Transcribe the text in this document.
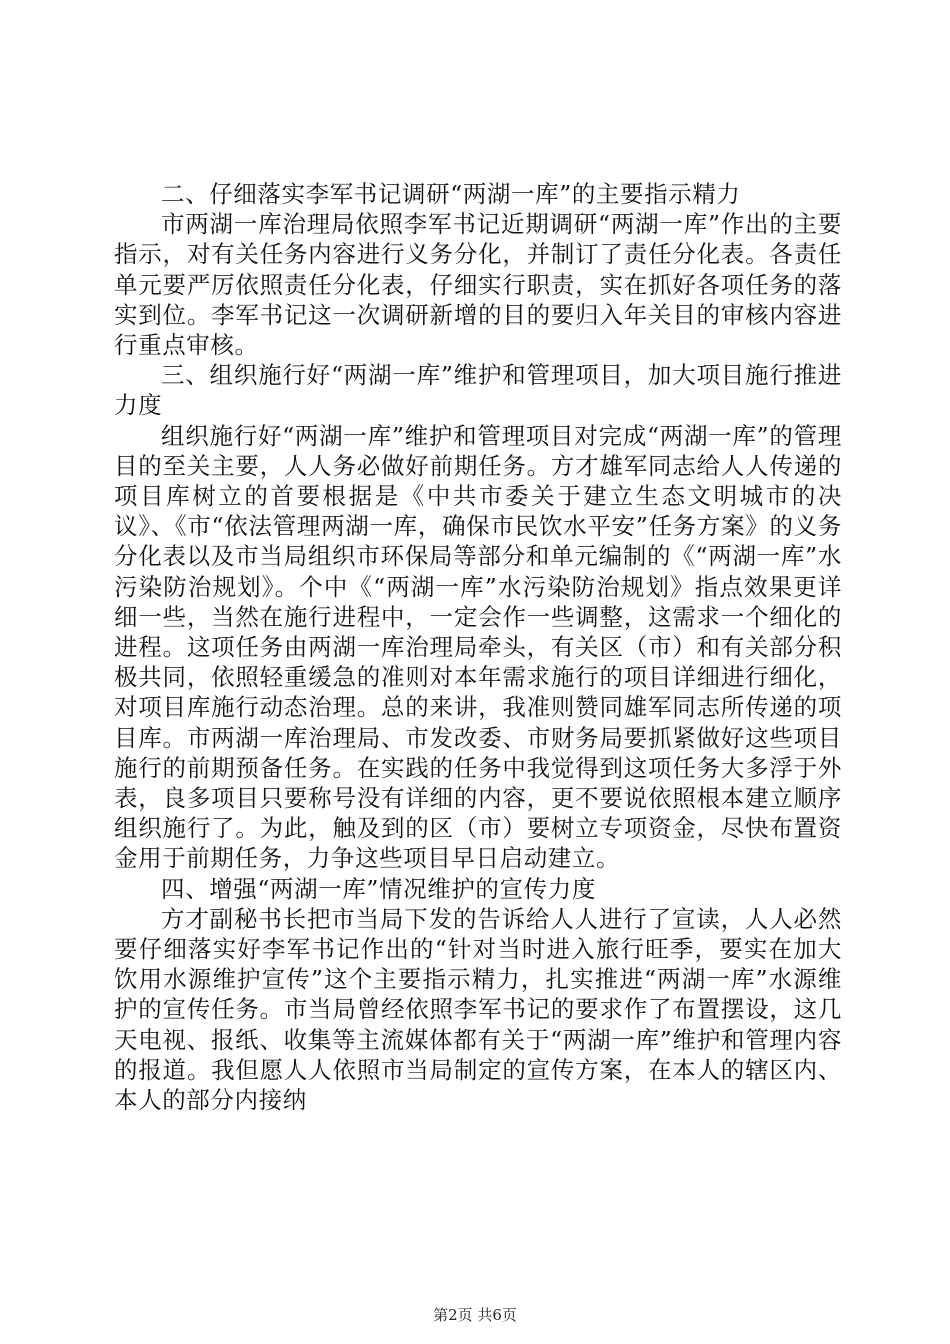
二、仔细落实李军书记调研“两湖一库”的主要指示精力

市两湖一库治理局依照李军书记近期调研“两湖一库”作出的主要指示，对有关任务内容进行义务分化，并制订了责任分化表。各责任单元要严厉依照责任分化表，仔细实行职责，实在抓好各项任务的落实到位。李军书记这一次调研新增的目的要归入年关目的审核内容进行重点审核。

三、组织施行好“两湖一库”维护和管理项目，加大项目施行推进力度

组织施行好“两湖一库”维护和管理项目对完成“两湖一库”的管理目的至关主要，人人务必做好前期任务。方才雄军同志给人人传递的项目库树立的首要根据是《中共市委关于建立生态文明城市的决议》、《市“依法管理两湖一库，确保市民饮水平安”任务方案》的义务分化表以及市当局组织市环保局等部分和单元编制的《“两湖一库”水污染防治规划》。个中《“两湖一库”水污染防治规划》指点效果更详细一些，当然在施行进程中，一定会作一些调整，这需求一个细化的进程。这项任务由两湖一库治理局牵头，有关区（市）和有关部分积极共同，依照轻重缓急的准则对本年需求施行的项目详细进行细化，对项目库施行动态治理。总的来讲，我准则赞同雄军同志所传递的项目库。市两湖一库治理局、市发改委、市财务局要抓紧做好这些项目施行的前期预备任务。在实践的任务中我觉得到这项任务大多浮于外表，良多项目只要称号没有详细的内容，更不要说依照根本建立顺序组织施行了。为此，触及到的区（市）要树立专项资金，尽快布置资金用于前期任务，力争这些项目早日启动建立。

四、增强“两湖一库”情况维护的宣传力度

方才副秘书长把市当局下发的告诉给人人进行了宣读，人人必然要仔细落实好李军书记作出的“针对当时进入旅行旺季，要实在加大饮用水源维护宣传”这个主要指示精力，扎实推进“两湖一库”水源维护的宣传任务。市当局曾经依照李军书记的要求作了布置摆设，这几天电视、报纸、收集等主流媒体都有关于“两湖一库”维护和管理内容的报道。我但愿人人依照市当局制定的宣传方案，在本人的辖区内、本人的部分内接纳

第2页 共6页
